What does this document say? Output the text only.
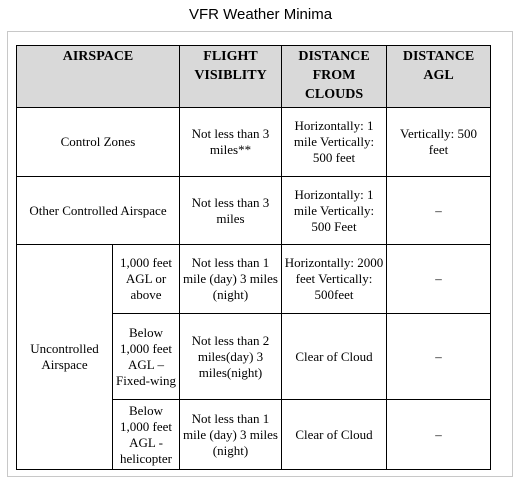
VFR Weather Minima
AIRSPACE		FLIGHT VISIBLITY	DISTANCE FROM CLOUDS	DISTANCE AGL
Control Zones		Not less than 3 miles**	Horizontally: 1 mile Vertically: 500 feet	Vertically: 500 feet
Other Controlled Airspace		Not less than 3 miles	Horizontally: 1 mile Vertically: 500 Feet	–
Uncontrolled Airspace	1,000 feet AGL or above	Not less than 1 mile (day) 3 miles (night)	Horizontally: 2000 feet Vertically: 500feet	–
	Below 1,000 feet AGL – Fixed-wing	Not less than 2 miles(day) 3 miles(night)	Clear of Cloud	–
	Below 1,000 feet AGL - helicopter	Not less than 1 mile (day) 3 miles (night)	Clear of Cloud	–
